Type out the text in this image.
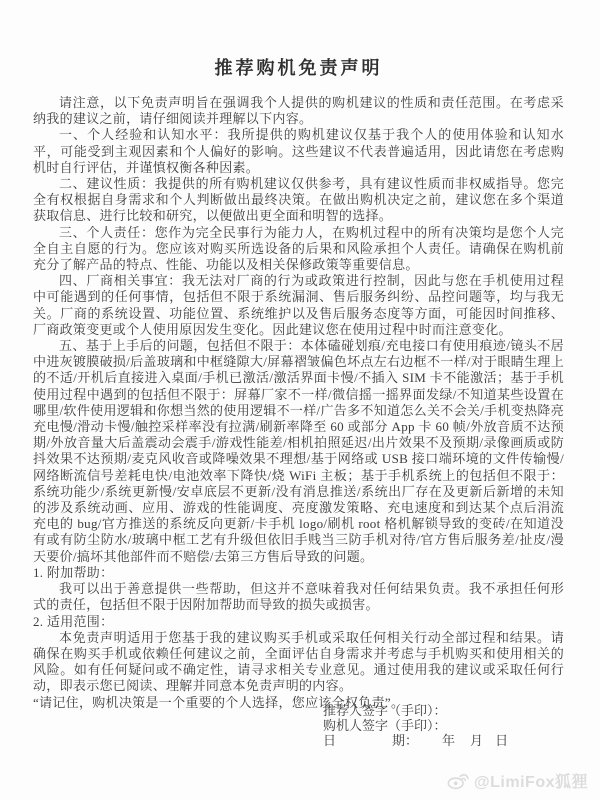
推荐购机免责声明

请注意，以下免责声明旨在强调我个人提供的购机建议的性质和责任范围。在考虑采纳我的建议之前，请仔细阅读并理解以下内容。

一、个人经验和认知水平：我所提供的购机建议仅基于我个人的使用体验和认知水平，可能受到主观因素和个人偏好的影响。这些建议不代表普遍适用，因此请您在考虑购机时自行评估，并谨慎权衡各种因素。

二、建议性质：我提供的所有购机建议仅供参考，具有建议性质而非权威指导。您完全有权根据自身需求和个人判断做出最终决策。在做出购机决定之前，建议您在多个渠道获取信息、进行比较和研究，以便做出更全面和明智的选择。

三、个人责任：您作为完全民事行为能力人，在购机过程中的所有决策均是您个人完全自主自愿的行为。您应该对购买所选设备的后果和风险承担个人责任。请确保在购机前充分了解产品的特点、性能、功能以及相关保修政策等重要信息。

四、厂商相关事宜：我无法对厂商的行为或政策进行控制，因此与您在手机使用过程中可能遇到的任何事情，包括但不限于系统漏洞、售后服务纠纷、品控问题等，均与我无关。厂商的系统设置、功能位置、系统维护以及售后服务态度等方面，可能因时间推移、厂商政策变更或个人使用原因发生变化。因此建议您在使用过程中时而注意变化。

五、基于上手后的问题，包括但不限于：本体磕碰划痕/充电接口有使用痕迹/镜头不居中进灰镀膜破损/后盖玻璃和中框缝隙大/屏幕褶皱偏色坏点左右边框不一样/对于眼睛生理上的不适/开机后直接进入桌面/手机已激活/激活界面卡慢/不插入 SIM 卡不能激活；基于手机使用过程中遇到的包括但不限于：屏幕厂家不一样/微信摇一摇界面发绿/不知道某些设置在哪里/软件使用逻辑和你想当然的使用逻辑不一样/广告多不知道怎么关不会关/手机变热降亮充电慢/滑动卡慢/触控采样率没有拉满/刷新率降至 60 或部分 App 卡 60 帧/外放音质不达预期/外放音量大后盖震动会震手/游戏性能差/相机拍照延迟/出片效果不及预期/录像画质或防抖效果不达预期/麦克风收音或降噪效果不理想/基于网络或 USB 接口端环境的文件传输慢/网络断流信号差耗电快/电池效率下降快/烧 WiFi 主板；基于手机系统上的包括但不限于：系统功能少/系统更新慢/安卓底层不更新/没有消息推送/系统出厂存在及更新后新增的未知的涉及系统动画、应用、游戏的性能调度、亮度激发策略、充电速度和到达某个点后涓流充电的 bug/官方推送的系统反向更新/卡手机 logo/刷机 root 格机解锁导致的变砖/在知道没有或有防尘防水/玻璃中框工艺有升级但依旧手贱当三防手机对待/官方售后服务差/扯皮/漫天要价/搞坏其他部件而不赔偿/去第三方售后导致的问题。

1. 附加帮助：

我可以出于善意提供一些帮助，但这并不意味着我对任何结果负责。我不承担任何形式的责任，包括但不限于因附加帮助而导致的损失或损害。

2. 适用范围：

本免责声明适用于您基于我的建议购买手机或采取任何相关行动全部过程和结果。请确保在购买手机或依赖任何建议之前，全面评估自身需求并考虑与手机购买和使用相关的风险。如有任何疑问或不确定性，请寻求相关专业意见。通过使用我的建议或采取任何行动，即表示您已阅读、理解并同意本免责声明的内容。

“请记住，购机决策是一个重要的个人选择，您应该全权负责”。

推荐人签字（手印）：

购机人签字（手印）：

日	期： 年 月 日

@LimiFox狐狸
